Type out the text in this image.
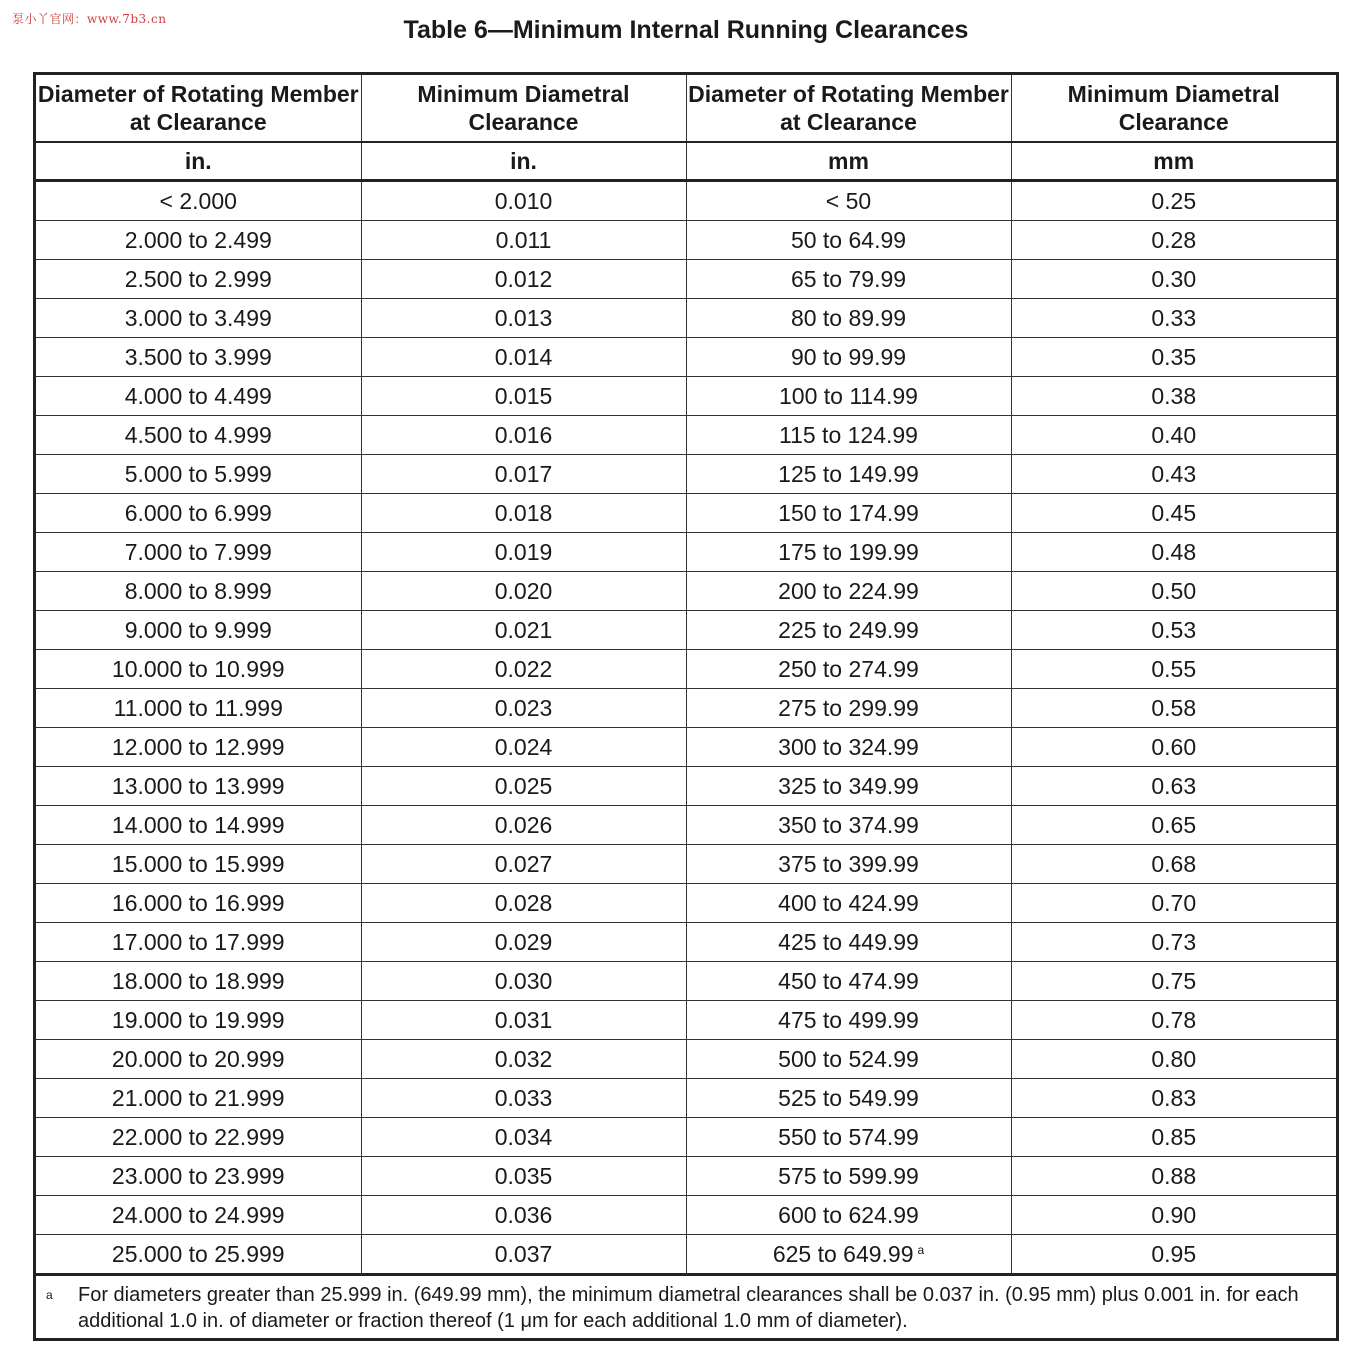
泵小丫官网：www.7b3.cn	Table 6—Minimum Internal Running Clearances
Diameter of Rotating Member at Clearance	Minimum Diametral Clearance	Diameter of Rotating Member at Clearance	Minimum Diametral Clearance
in.	in.	mm	mm
< 2.000	0.010	< 50	0.25
2.000 to 2.499	0.011	50 to 64.99	0.28
2.500 to 2.999	0.012	65 to 79.99	0.30
3.000 to 3.499	0.013	80 to 89.99	0.33
3.500 to 3.999	0.014	90 to 99.99	0.35
4.000 to 4.499	0.015	100 to 114.99	0.38
4.500 to 4.999	0.016	115 to 124.99	0.40
5.000 to 5.999	0.017	125 to 149.99	0.43
6.000 to 6.999	0.018	150 to 174.99	0.45
7.000 to 7.999	0.019	175 to 199.99	0.48
8.000 to 8.999	0.020	200 to 224.99	0.50
9.000 to 9.999	0.021	225 to 249.99	0.53
10.000 to 10.999	0.022	250 to 274.99	0.55
11.000 to 11.999	0.023	275 to 299.99	0.58
12.000 to 12.999	0.024	300 to 324.99	0.60
13.000 to 13.999	0.025	325 to 349.99	0.63
14.000 to 14.999	0.026	350 to 374.99	0.65
15.000 to 15.999	0.027	375 to 399.99	0.68
16.000 to 16.999	0.028	400 to 424.99	0.70
17.000 to 17.999	0.029	425 to 449.99	0.73
18.000 to 18.999	0.030	450 to 474.99	0.75
19.000 to 19.999	0.031	475 to 499.99	0.78
20.000 to 20.999	0.032	500 to 524.99	0.80
21.000 to 21.999	0.033	525 to 549.99	0.83
22.000 to 22.999	0.034	550 to 574.99	0.85
23.000 to 23.999	0.035	575 to 599.99	0.88
24.000 to 24.999	0.036	600 to 624.99	0.90
25.000 to 25.999	0.037	625 to 649.99 $^a$	0.95
a For diameters greater than 25.999 in. (649.99 mm), the minimum diametral clearances shall be 0.037 in. (0.95 mm) plus 0.001 in. for each additional 1.0 in. of diameter or fraction thereof (1 μm for each additional 1.0 mm of diameter).
